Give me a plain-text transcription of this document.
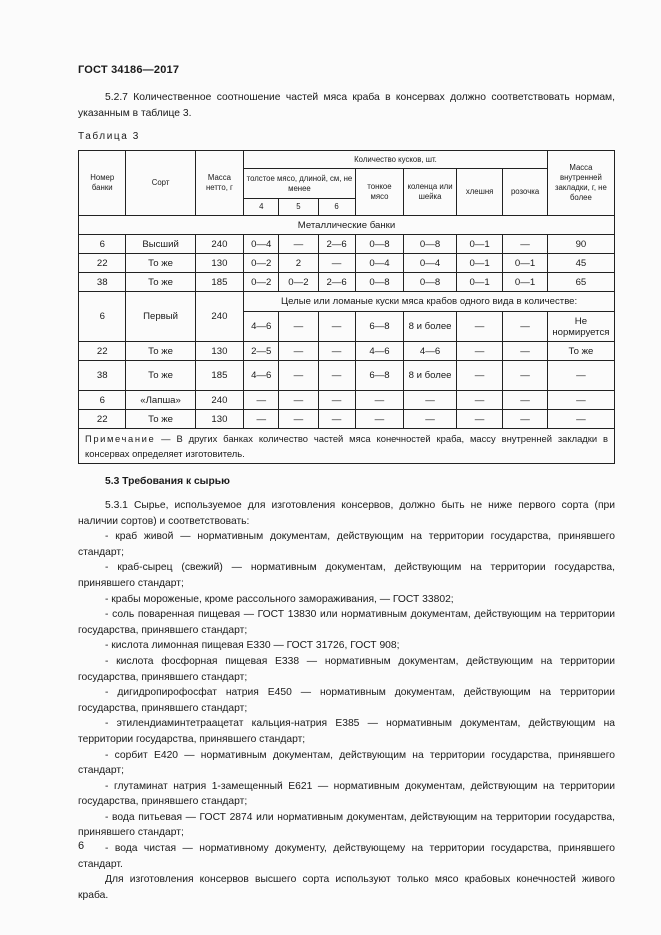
ГОСТ 34186—2017
5.2.7 Количественное соотношение частей мяса краба в консервах должно соответствовать нормам, указанным в таблице 3.
Таблица 3
Номер банки	Сорт	Масса нетто, г	Количество кусков, шт.							Масса внутренней закладки, г, не более
			толстое мясо, длиной, см, не менее			тонкое мясо	коленца или шейка	хлешня	розочка	
			4	5	6					
Металлические банки										
6	Высший	240	0—4	—	2—6	0—8	0—8	0—1	—	90
22	То же	130	0—2	2	—	0—4	0—4	0—1	0—1	45
38	То же	185	0—2	0—2	2—6	0—8	0—8	0—1	0—1	65
6	Первый	240	Целые или ломаные куски мяса крабов одного вида в количестве:							
			4—6	—	—	6—8	8 и более	—	—	Не нормируется
22	То же	130	2—5	—	—	4—6	4—6	—	—	То же
38	То же	185	4—6	—	—	6—8	8 и более	—	—	—
6	«Лапша»	240	—	—	—	—	—	—	—	—
22	То же	130	—	—	—	—	—	—	—	—
Примечание — В других банках количество частей мяса конечностей краба, массу внутренней закладки в консервах определяет изготовитель.										
5.3 Требования к сырью
5.3.1 Сырье, используемое для изготовления консервов, должно быть не ниже первого сорта (при наличии сортов) и соответствовать:
- краб живой — нормативным документам, действующим на территории государства, принявшего стандарт;
- краб-сырец (свежий) — нормативным документам, действующим на территории государства, принявшего стандарт;
- крабы мороженые, кроме рассольного замораживания, — ГОСТ 33802;
- соль поваренная пищевая — ГОСТ 13830 или нормативным документам, действующим на территории государства, принявшего стандарт;
- кислота лимонная пищевая Е330 — ГОСТ 31726, ГОСТ 908;
- кислота фосфорная пищевая Е338 — нормативным документам, действующим на территории государства, принявшего стандарт;
- дигидропирофосфат натрия Е450 — нормативным документам, действующим на территории государства, принявшего стандарт;
- этилендиаминтетраацетат кальция-натрия Е385 — нормативным документам, действующим на территории государства, принявшего стандарт;
- сорбит Е420 — нормативным документам, действующим на территории государства, принявшего стандарт;
- глутаминат натрия 1-замещенный Е621 — нормативным документам, действующим на территории государства, принявшего стандарт;
- вода питьевая — ГОСТ 2874 или нормативным документам, действующим на территории государства, принявшего стандарт;
- вода чистая — нормативному документу, действующему на территории государства, принявшего стандарт.
Для изготовления консервов высшего сорта используют только мясо крабовых конечностей живого краба.
6
